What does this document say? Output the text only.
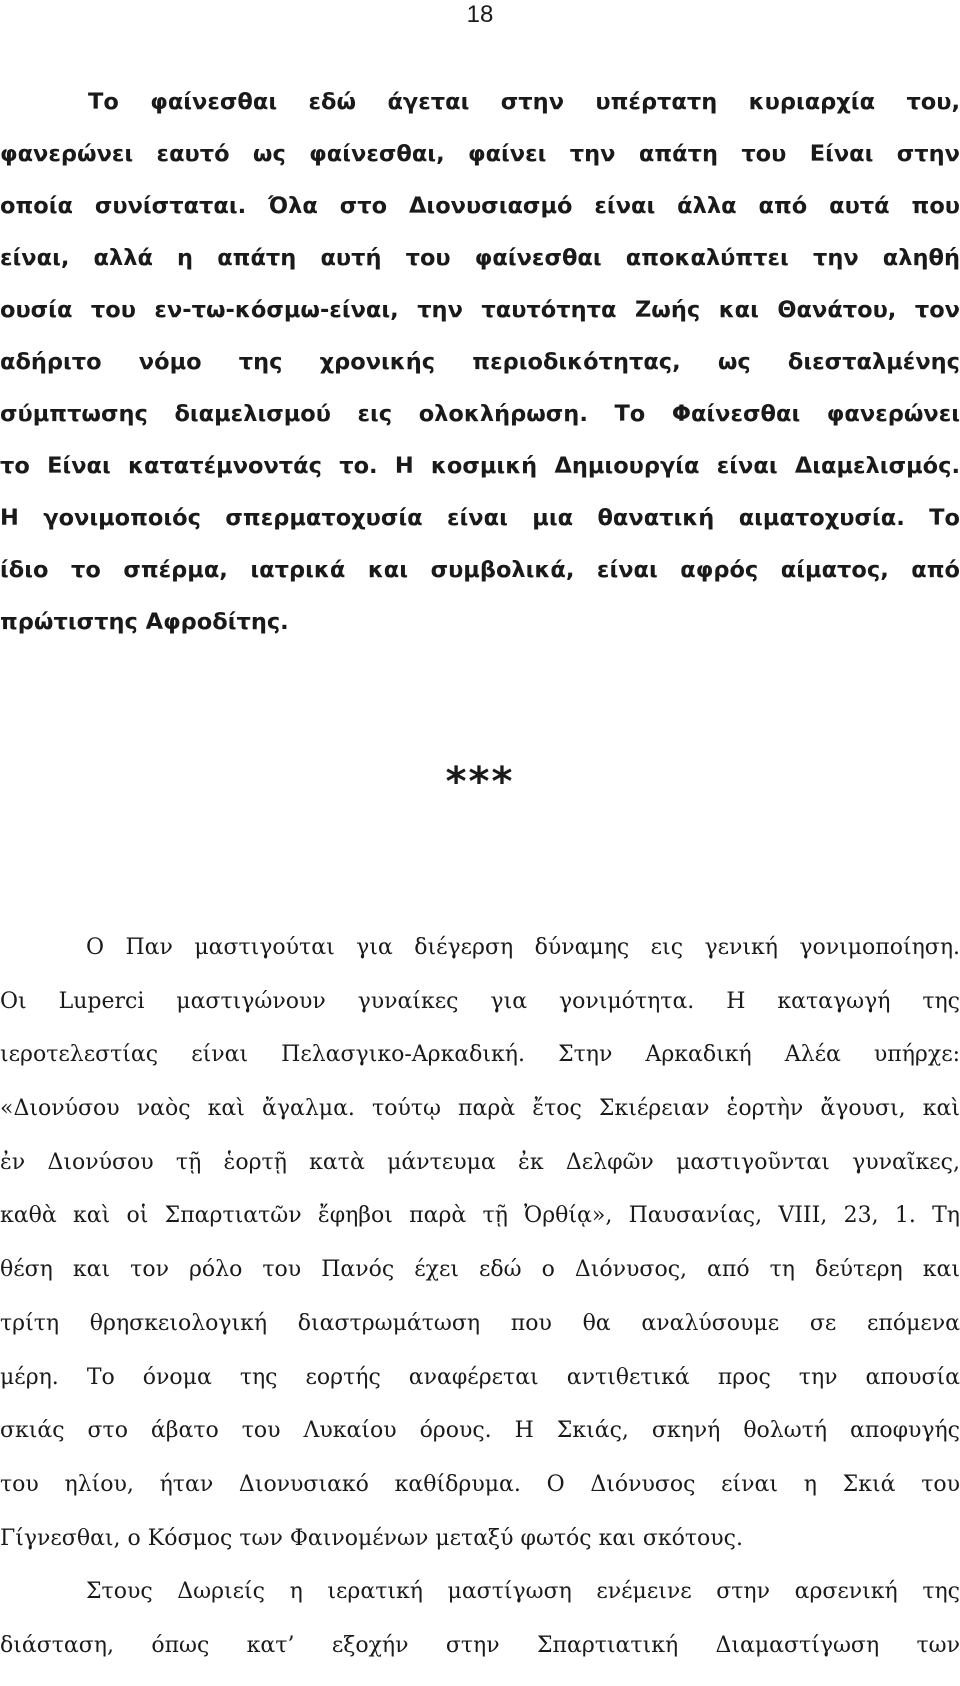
18
Το φαίνεσθαι εδώ άγεται στην υπέρτατη κυριαρχία του,
φανερώνει εαυτό ως φαίνεσθαι, φαίνει την απάτη του Είναι στην
οποία συνίσταται. Όλα στο Διονυσιασμό είναι άλλα από αυτά που
είναι, αλλά η απάτη αυτή του φαίνεσθαι αποκαλύπτει την αληθή
ουσία του εν-τω-κόσμω-είναι, την ταυτότητα Ζωής και Θανάτου, τον
αδήριτο νόμο της χρονικής περιοδικότητας, ως διεσταλμένης
σύμπτωσης διαμελισμού εις ολοκλήρωση. Το Φαίνεσθαι φανερώνει
το Είναι κατατέμνοντάς το. Η κοσμική Δημιουργία είναι Διαμελισμός.
Η γονιμοποιός σπερματοχυσία είναι μια θανατική αιματοχυσία. Το
ίδιο το σπέρμα, ιατρικά και συμβολικά, είναι αφρός αίματος, από
πρώτιστης Αφροδίτης.
***
Ο Παν μαστιγούται για διέγερση δύναμης εις γενική γονιμοποίηση.
Οι Luperci μαστιγώνουν γυναίκες για γονιμότητα. Η καταγωγή της
ιεροτελεστίας είναι Πελασγικο-Αρκαδική. Στην Αρκαδική Αλέα υπήρχε:
«Διονύσου ναὸς καὶ ἄγαλμα. τούτῳ παρὰ ἔτος Σκιέρειαν ἑορτὴν ἄγουσι, καὶ
ἐν Διονύσου τῇ ἑορτῇ κατὰ μάντευμα ἐκ Δελφῶν μαστιγοῦνται γυναῖκες,
καθὰ καὶ οἱ Σπαρτιατῶν ἔφηβοι παρὰ τῇ Ὀρθίᾳ», Παυσανίας, VIII, 23, 1. Τη
θέση και τον ρόλο του Πανός έχει εδώ ο Διόνυσος, από τη δεύτερη και
τρίτη θρησκειολογική διαστρωμάτωση που θα αναλύσουμε σε επόμενα
μέρη. Το όνομα της εορτής αναφέρεται αντιθετικά προς την απουσία
σκιάς στο άβατο του Λυκαίου όρους. Η Σκιάς, σκηνή θολωτή αποφυγής
του ηλίου, ήταν Διονυσιακό καθίδρυμα. Ο Διόνυσος είναι η Σκιά του
Γίγνεσθαι, ο Κόσμος των Φαινομένων μεταξύ φωτός και σκότους.
Στους Δωριείς η ιερατική μαστίγωση ενέμεινε στην αρσενική της
διάσταση, όπως κατ’ εξοχήν στην Σπαρτιατική Διαμαστίγωση των
